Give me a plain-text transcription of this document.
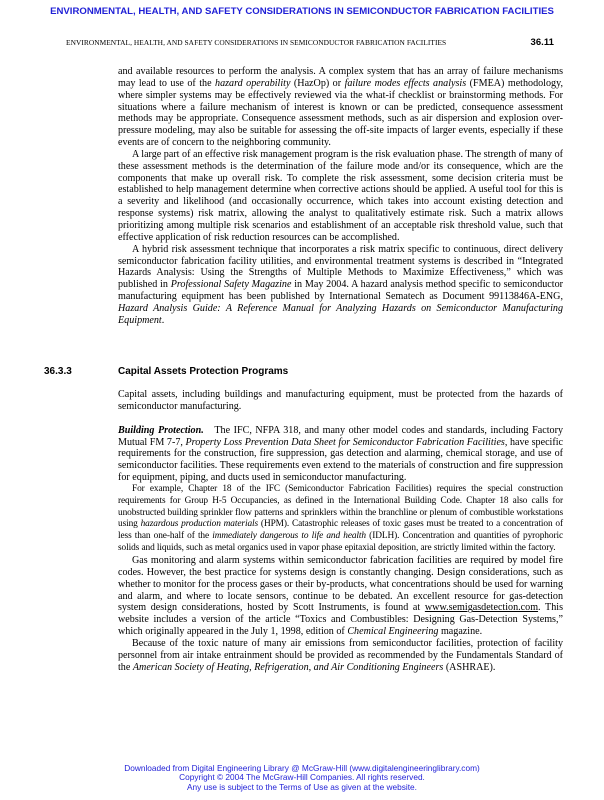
ENVIRONMENTAL, HEALTH, AND SAFETY CONSIDERATIONS IN SEMICONDUCTOR FABRICATION FACILITIES
ENVIRONMENTAL, HEALTH, AND SAFETY CONSIDERATIONS IN SEMICONDUCTOR FABRICATION FACILITIES	36.11

and available resources to perform the analysis. A complex system that has an array of failure mechanisms may lead to use of the hazard operability (HazOp) or failure modes effects analysis (FMEA) methodology, where simpler systems may be effectively reviewed via the what-if checklist or brainstorming methods. For situations where a failure mechanism of interest is known or can be predicted, consequence assessment methods may be appropriate. Consequence assessment methods, such as air dispersion and explosion over-pressure modeling, may also be suitable for assessing the off-site impacts of larger events, especially if these events are of concern to the neighboring community.

A large part of an effective risk management program is the risk evaluation phase. The strength of many of these assessment methods is the determination of the failure mode and/or its consequence, which are the components that make up overall risk. To complete the risk assessment, some decision criteria must be established to help management determine when corrective actions should be applied. A useful tool for this is a severity and likelihood (and occasionally occurrence, which takes into account existing detection and response systems) risk matrix, allowing the analyst to qualitatively estimate risk. Such a matrix allows prioritizing among multiple risk scenarios and establishment of an acceptable risk threshold value, such that effective application of risk reduction resources can be accomplished.

A hybrid risk assessment technique that incorporates a risk matrix specific to continuous, direct delivery semiconductor fabrication facility utilities, and environmental treatment systems is described in “Integrated Hazards Analysis: Using the Strengths of Multiple Methods to Maximize Effectiveness,” which was published in Professional Safety Magazine in May 2004. A hazard analysis method specific to semiconductor manufacturing equipment has been published by International Sematech as Document 99113846A-ENG, Hazard Analysis Guide: A Reference Manual for Analyzing Hazards on Semiconductor Manufacturing Equipment.

36.3.3	Capital Assets Protection Programs

Capital assets, including buildings and manufacturing equipment, must be protected from the hazards of semiconductor manufacturing.

Building Protection. The IFC, NFPA 318, and many other model codes and standards, including Factory Mutual FM 7-7, Property Loss Prevention Data Sheet for Semiconductor Fabrication Facilities, have specific requirements for the construction, fire suppression, gas detection and alarming, chemical storage, and use of semiconductor facilities. These requirements even extend to the materials of construction and fire suppression for equipment, piping, and ducts used in semiconductor manufacturing.

For example, Chapter 18 of the IFC (Semiconductor Fabrication Facilities) requires the special construction requirements for Group H-5 Occupancies, as defined in the International Building Code. Chapter 18 also calls for unobstructed building sprinkler flow patterns and sprinklers within the branchline or plenum of combustible workstations using hazardous production materials (HPM). Catastrophic releases of toxic gases must be treated to a concentration of less than one-half of the immediately dangerous to life and health (IDLH). Concentration and quantities of pyrophoric solids and liquids, such as metal organics used in vapor phase epitaxial deposition, are strictly limited within the factory.

Gas monitoring and alarm systems within semiconductor fabrication facilities are required by model fire codes. However, the best practice for systems design is constantly changing. Design considerations, such as whether to monitor for the process gases or their by-products, what concentrations should be used for warning and alarm, and where to locate sensors, continue to be debated. An excellent resource for gas-detection system design considerations, hosted by Scott Instruments, is found at www.semigasdetection.com. This website includes a version of the article “Toxics and Combustibles: Designing Gas-Detection Systems,” which originally appeared in the July 1, 1998, edition of Chemical Engineering magazine.

Because of the toxic nature of many air emissions from semiconductor facilities, protection of facility personnel from air intake entrainment should be provided as recommended by the Fundamentals Standard of the American Society of Heating, Refrigeration, and Air Conditioning Engineers (ASHRAE).

Downloaded from Digital Engineering Library @ McGraw-Hill (www.digitalengineeringlibrary.com)
Copyright © 2004 The McGraw-Hill Companies. All rights reserved.
Any use is subject to the Terms of Use as given at the website.
